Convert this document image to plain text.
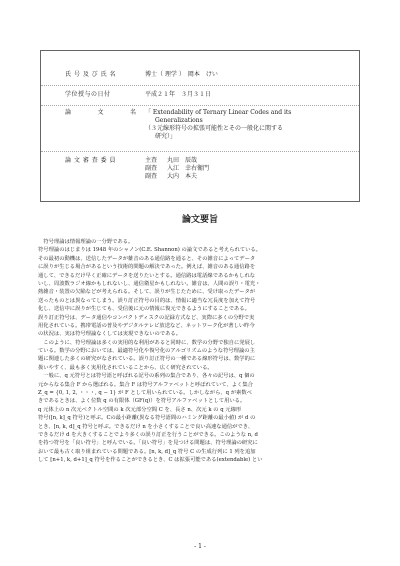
氏 号 及 び 氏 名	博士（ 理学 ）　岡本　けい
学位授与の日付	平成２１年　３月３１日
論　　　　文　　　　名 「 Extendability of Ternary Linear Codes and its
Generalizations
（３元線形符号の拡張可能性とその一般化に関する
研究）」
論 文 審 査 委 員	主査	丸田　辰哉
副査	入江　幸右衛門
副査	大内　本夫
論文要旨
　符号理論は情報理論の一分野である。
符号理論のはじまりは 1948 年のシャノン(C.E. Shannon) の論文であると考えられている。
その最初の動機は、送信したデータが雑音のある通信路を通ると、その雑音によってデータ
に誤りが生じる場合があるという技術的問題の解決であった。例えば、雑音のある通信路を
通して、できるだけ早く正確にデータを送りたいとする。通信路は電話線であるかもしれな
いし、周波数ラジオ線かもしれないし、通信衛星かもしれない。雑音は、人間の誤り・電光・
熱雑音・装置の欠陥などが考えられる。そして、誤りが生じたために、受け取ったデータが
送ったものとは異なってしまう。誤り訂正符号の目的は、情報に適当な冗長度を加えて符号
化し、送信中に誤りが生じても、受信後に元の情報に復元できるようにすることである。
誤り訂正符号は、データ通信やコンパクトディスクの記録方式など、実際に多くの分野で実
用化されている。携帯電話の普及やデジタルテレビ放送など、ネットワーク化が著しい昨今
の状況は、実は符号理論なくしては実現できないのである。
　このように、符号理論は多くの実用的な利用があると同時に、数学の分野で独自に発展し
ている。数学の分野においては、最適符号化や復号化のアルゴリズムのような符号理論の主
題に関連した多くの研究がなされている。誤り訂正符号の一種である線形符号は、数学的に
扱いやすく、最も多く実用化されていることから、広く研究されている。
　一般に、q 元符号とは符号語と呼ばれる記号の系列の集合であり、各々の記号は、q 個の
元からなる集合 F から選ばれる。集合 F は符号アルファベットと呼ばれていて、よく集合
Z_q = {0, 1, 2, ・・・, q − 1} が F として用いられている。しかしながら、q が素数べ
きであるときは、よく位数 q の有限体（GF(q)）を符号アルファベットとして用いる。
q 元体上の n 次元ベクトル空間の k 次元部分空間 C を、長さ n、次元 k の q 元線形
符号([n, k]_q 符号)と呼ぶ。Cの最小距離(異なる符号語間のハミング距離の最小値) が d の
とき、[n, k, d]_q 符号と呼ぶ。できるだけ n を小さくすることで良い高速な通信ができ、
できるだけ d を大きくすることでより多くの誤り訂正を行うことができる。このような n, d
を持つ符号を「良い符号」と呼んでいる。「良い符号」を見つける問題は、符号理論の研究に
おいて最も古く取り組まれている問題である。[n, k, d]_q 符号 C の生成行列に 1 列を追加
して [n+1, k, d+1]_q 符号を作ることができるとき、C は拡張可能である(extendable) とい
- 1 -
